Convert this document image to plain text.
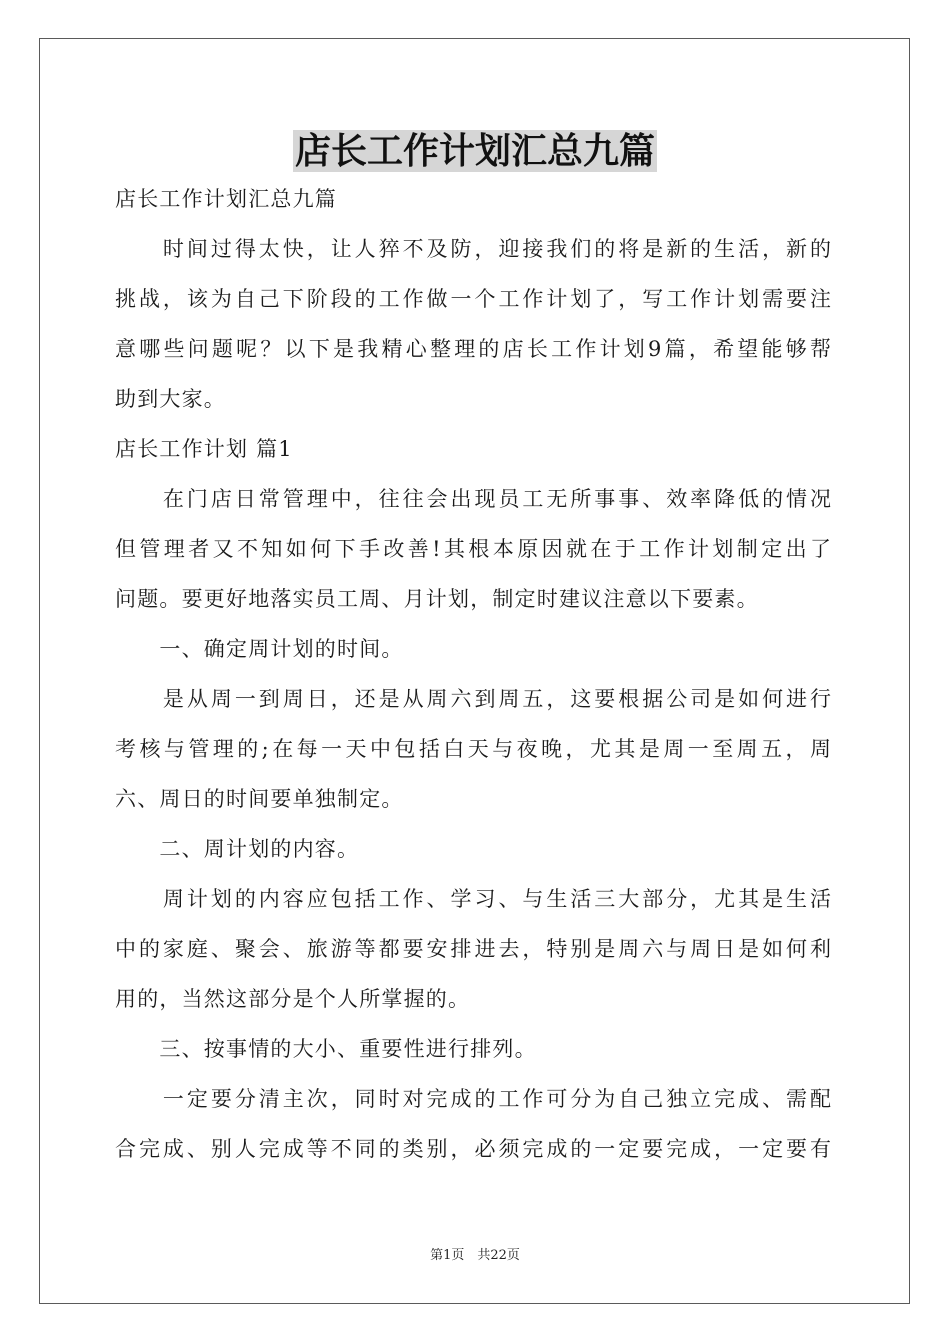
店长工作计划汇总九篇
店长工作计划汇总九篇
　　时间过得太快，让人猝不及防，迎接我们的将是新的生活，新的
挑战，该为自己下阶段的工作做一个工作计划了，写工作计划需要注
意哪些问题呢？以下是我精心整理的店长工作计划9篇，希望能够帮
助到大家。
店长工作计划 篇1
　　在门店日常管理中，往往会出现员工无所事事、效率降低的情况
但管理者又不知如何下手改善!其根本原因就在于工作计划制定出了
问题。要更好地落实员工周、月计划，制定时建议注意以下要素。
　　一、确定周计划的时间。
　　是从周一到周日，还是从周六到周五，这要根据公司是如何进行
考核与管理的;在每一天中包括白天与夜晚，尤其是周一至周五，周
六、周日的时间要单独制定。
　　二、周计划的内容。
　　周计划的内容应包括工作、学习、与生活三大部分，尤其是生活
中的家庭、聚会、旅游等都要安排进去，特别是周六与周日是如何利
用的，当然这部分是个人所掌握的。
　　三、按事情的大小、重要性进行排列。
　　一定要分清主次，同时对完成的工作可分为自己独立完成、需配
合完成、别人完成等不同的类别，必须完成的一定要完成，一定要有
第1页　共22页
